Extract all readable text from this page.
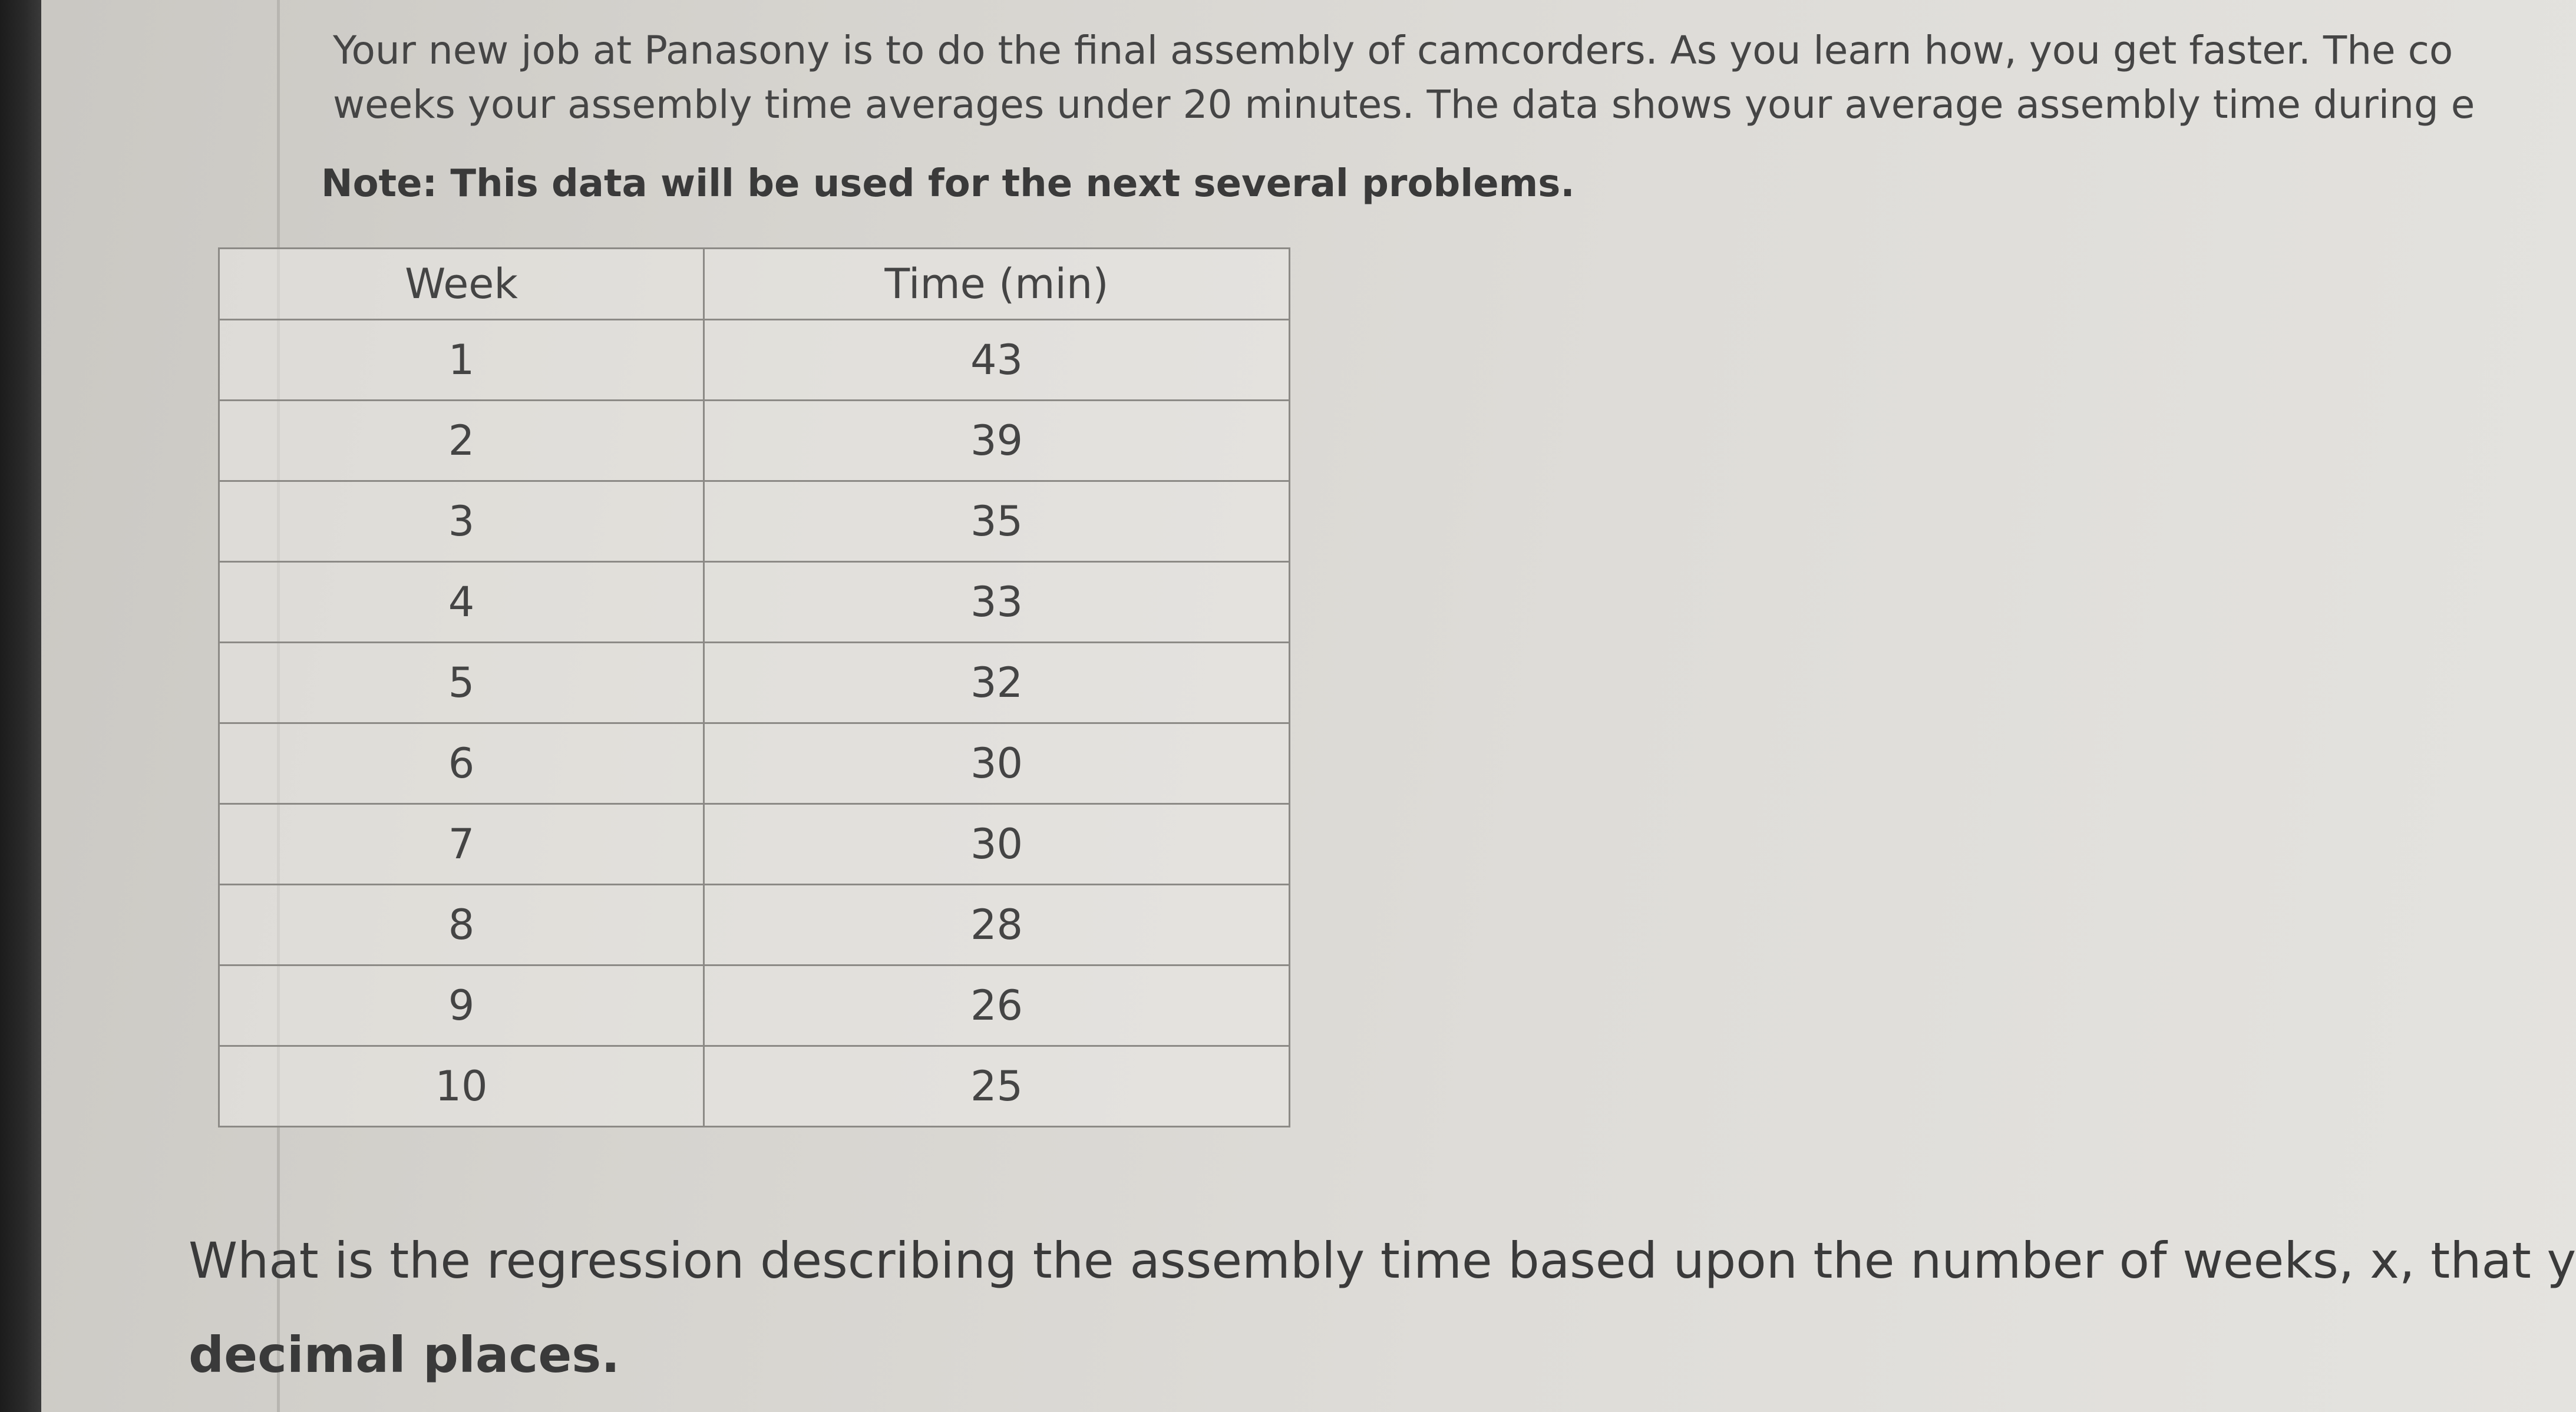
Your new job at Panasony is to do the final assembly of camcorders. As you learn how, you get faster. The co
weeks your assembly time averages under 20 minutes. The data shows your average assembly time during e
Note: This data will be used for the next several problems.
Week	Time (min)
1	43
2	39
3	35
4	33
5	32
6	30
7	30
8	28
9	26
10	25
What is the regression describing the assembly time based upon the number of weeks, x, that y
decimal places.
